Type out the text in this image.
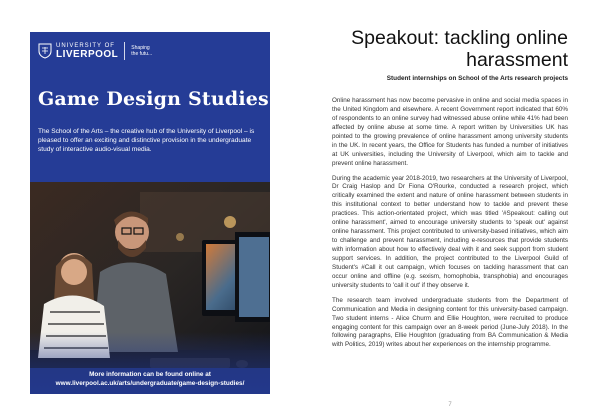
UNIVERSITY OF
LIVERPOOL
Shaping
the futu...
Game Design Studies

The School of the Arts – the creative hub of the University of Liverpool – is pleased to offer an exciting and distinctive provision in the undergraduate study of interactive audio-visual media.

More information can be found online at
www.liverpool.ac.uk/arts/undergraduate/game-design-studies/
Speakout: tackling online harassment
Student internships on School of the Arts research projects

Online harassment has now become pervasive in online and social media spaces in the United Kingdom and elsewhere. A recent Government report indicated that 60% of respondents to an online survey had witnessed abuse online while 41% had been affected by online abuse at some time. A report written by Universities UK has pointed to the growing prevalence of online harassment among university students in the UK. In recent years, the Office for Students has funded a number of initiatives at UK universities, including the University of Liverpool, which aim to tackle and prevent online harassment.

During the academic year 2018-2019, two researchers at the University of Liverpool, Dr Craig Haslop and Dr Fiona O'Rourke, conducted a research project, which critically examined the extent and nature of online harassment between students in this institutional context to better understand how to tackle and prevent these practices. This action-orientated project, which was titled '#Speakout: calling out online harassment', aimed to encourage university students to 'speak out' against online harassment. This project contributed to university-based initiatives, which aim to challenge and prevent harassment, including e-resources that provide students with information about how to effectively deal with it and seek support from student support services. In addition, the project contributed to the Liverpool Guild of Student's #Call it out campaign, which focuses on tackling harassment that can occur online and offline (e.g. sexism, homophobia, transphobia) and encourages university students to 'call it out' if they observe it.

The research team involved undergraduate students from the Department of Communication and Media in designing content for this university-based campaign. Two student interns - Alice Churm and Ellie Houghton, were recruited to produce engaging content for this campaign over an 8-week period (June-July 2018). In the following paragraphs, Ellie Houghton (graduating from BA Communication & Media with Politics, 2019) writes about her experiences on the internship programme.

7
